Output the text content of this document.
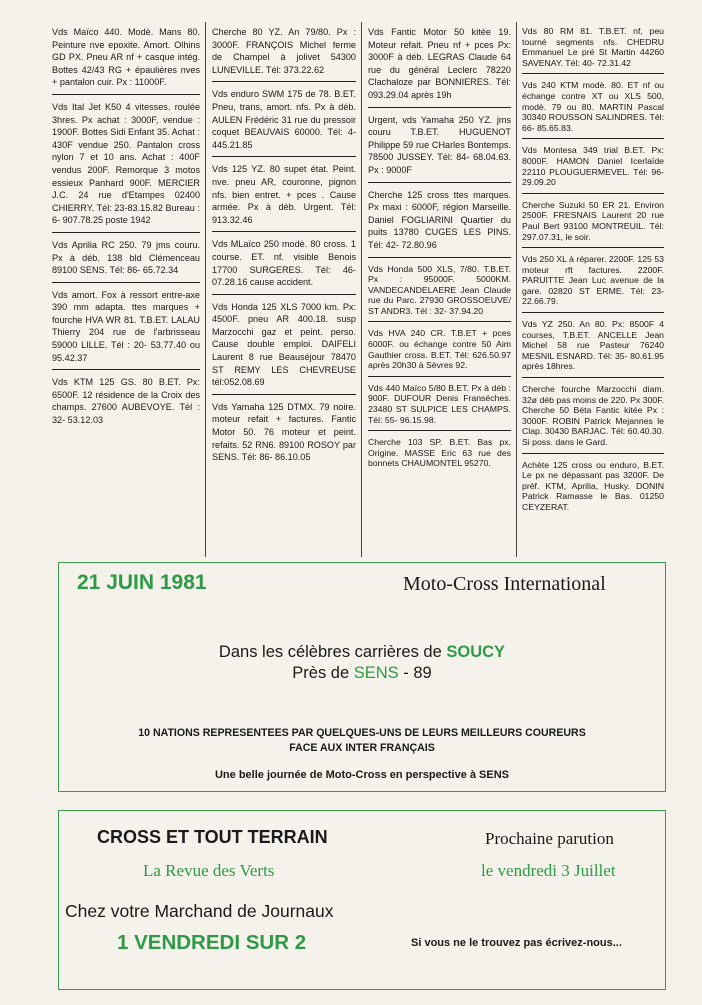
Vds Maïco 440. Modè. Mans 80. Peinture nve epoxite. Amort. Olhins GD PX. Pneu AR nf + casque intég. Bottes 42/43 RG + épaulières nves + pantalon cuir. Px : 11000F.

Vds Ital Jet K50 4 vitesses. roulée 3hres. Px achat : 3000F, vendue : 1900F. Bottes Sidi Enfant 35. Achat : 430F vendue 250. Pantalon cross nylon 7 et 10 ans. Achat : 400F vendus 200F. Remorque 3 motos essieux Panhard 900F. MERCIER J.C. 24 rue d'Etampes 02400 CHIERRY. Tél: 23-83.15.82 Bureau : 6- 907.78.25 poste 1942

Vds Aprilia RC 250. 79 jms couru. Px à déb. 138 bld Clémenceau 89100 SENS. Tél: 86- 65.72.34

Vds amort. Fox à ressort entre-axe 390 mm adapta. ttes marques + fourche HVA WR 81. T.B.ET. LALAU Thierry 204 rue de l'arbrisseau 59000 LILLE. Tél : 20- 53.77.40 ou 95.42.37

Vds KTM 125 GS. 80 B.ET. Px: 6500F. 12 résidence de la Croix des champs. 27600 AUBEVOYE. Tél : 32- 53.12.03

Cherche 80 YZ. An 79/80. Px : 3000F. FRANÇOIS Michel ferme de Champel à jolivet 54300 LUNEVILLE. Tél: 373.22.62

Vds enduro SWM 175 de 78. B.ET. Pneu, trans, amort. nfs. Px à déb. AULEN Frédéric 31 rue du pressoir coquet BEAUVAIS 60000. Tél: 4- 445.21.85

Vds 125 YZ. 80 supet état. Peint. nve. pneu AR, couronne, pignon nfs. bien entret. + pces . Cause armée. Px à déb. Urgent. Tél: 913.32.46

Vds MLaïco 250 modè. 80 cross. 1 course. ET. nf. visible Benois 17700 SURGERES. Tél: 46- 07.28.16 cause accident.

Vds Honda 125 XLS 7000 km. Px: 4500F. pneu AR 400.18. susp Marzocchi gaz et peint. perso. Cause double emploi. DAIFELI Laurent 8 rue Beauséjour 78470 ST REMY LES CHEVREUSE tél:052.08.69

Vds Yamaha 125 DTMX. 79 noire. moteur refait + factures. Fantic Motor 50. 76 moteur et peint. refaits. 52 RN6. 89100 ROSOY par SENS. Tél: 86- 86.10.05

Vds Fantic Motor 50 kitée 19. Moteur refait. Pneu nf + pces Px: 3000F à déb. LEGRAS Claude 64 rue du général Leclerc 78220 Clachaloze par BONNIERES. Tél: 093.29.04 après 19h

Urgent, vds Yamaha 250 YZ. jms couru T.B.ET. HUGUENOT Philippe 59 rue CHarles Bontemps. 78500 JUSSEY. Tél: 84- 68.04.63. Px : 9000F

Cherche 125 cross ttes marques. Px maxi : 6000F, région Marseille. Daniel FOGLIARINI Quartier du puits 13780 CUGES LES PINS. Tél: 42- 72.80.96

Vds Honda 500 XLS, 7/80. T.B.ET. Px : 95000F. 5000KM. VANDECANDELAERE Jean Claude rue du Parc. 27930 GROSSOEUVE/ ST ANDR3. Tél : 32- 37.94.20

Vds HVA 240 CR. T.B.ET + pces 6000F. ou échange contre 50 Aim Gauthier cross. B.ET. Tél: 626.50.97 après 20h30 à Sèvres 92.

Vds 440 Maïco 5/80 B.ET. Px à déb : 900F. DUFOUR Denis Franséches. 23480 ST SULPICE LES CHAMPS. Tél: 55- 96.15.98.

Cherche 103 SP. B.ET. Bas px. Origine. MASSE Eric 63 rue des bonnets CHAUMONTEL 95270.

Vds 80 RM 81. T.B.ET. nf, peu tourné segments nfs. CHEDRU Emmanuel Le pré St Martin 44260 SAVENAY. Tél: 40- 72.31.42

Vds 240 KTM modè. 80. ET nf ou échange contre XT ou XLS 500, modè. 79 ou 80. MARTIN Pascal 30340 ROUSSON SALINDRES. Tél: 66- 85.65.83.

Vds Montesa 349 trial B.ET. Px: 8000F. HAMON Daniel Icerlaïde 22110 PLOUGUERMEVEL. Tél: 96- 29.09.20

Cherche Suzuki 50 ER 21. Environ 2500F. FRESNAIS Laurent 20 rue Paul Bert 93100 MONTREUIL. Tél: 297.07.31, le soir.

Vds 250 XL à réparer. 2200F. 125 53 moteur rft factures. 2200F. PARUITTE Jean Luc avenue de la gare. 02820 ST ERME. Tél: 23- 22.66.79.

Vds YZ 250. An 80. Px: 8500F 4 courses, T.B.ET. ANCELLE Jean Michel 58 rue Pasteur 76240 MESNIL ESNARD. Tél: 35- 80.61.95 après 18hres.

Cherche fourche Marzocchi diam. 32ø déb pas moins de 220. Px 300F. Cherche 50 Béta Fantic kitée Px : 3000F. ROBIN Patrick Mejannes le Clap. 30430 BARJAC. Tél: 60.40.30. Si poss. dans le Gard.

Achète 125 cross ou enduro, B.ET. Le px ne dépassant pas 3200F. De préf. KTM, Aprilia, Husky. DONIN Patrick Ramasse le Bas. 01250 CEYZERAT.

21 JUIN 1981	Moto-Cross International
Dans les célèbres carrières de SOUCY
Près de SENS - 89
10 NATIONS REPRESENTEES PAR QUELQUES-UNS DE LEURS MEILLEURS COUREURS
FACE AUX INTER FRANÇAIS
Une belle journée de Moto-Cross en perspective à SENS
CROSS ET TOUT TERRAIN
La Revue des Verts
Prochaine parution
le vendredi 3 Juillet
Chez votre Marchand de Journaux
1 VENDREDI SUR 2	Si vous ne le trouvez pas écrivez-nous...
